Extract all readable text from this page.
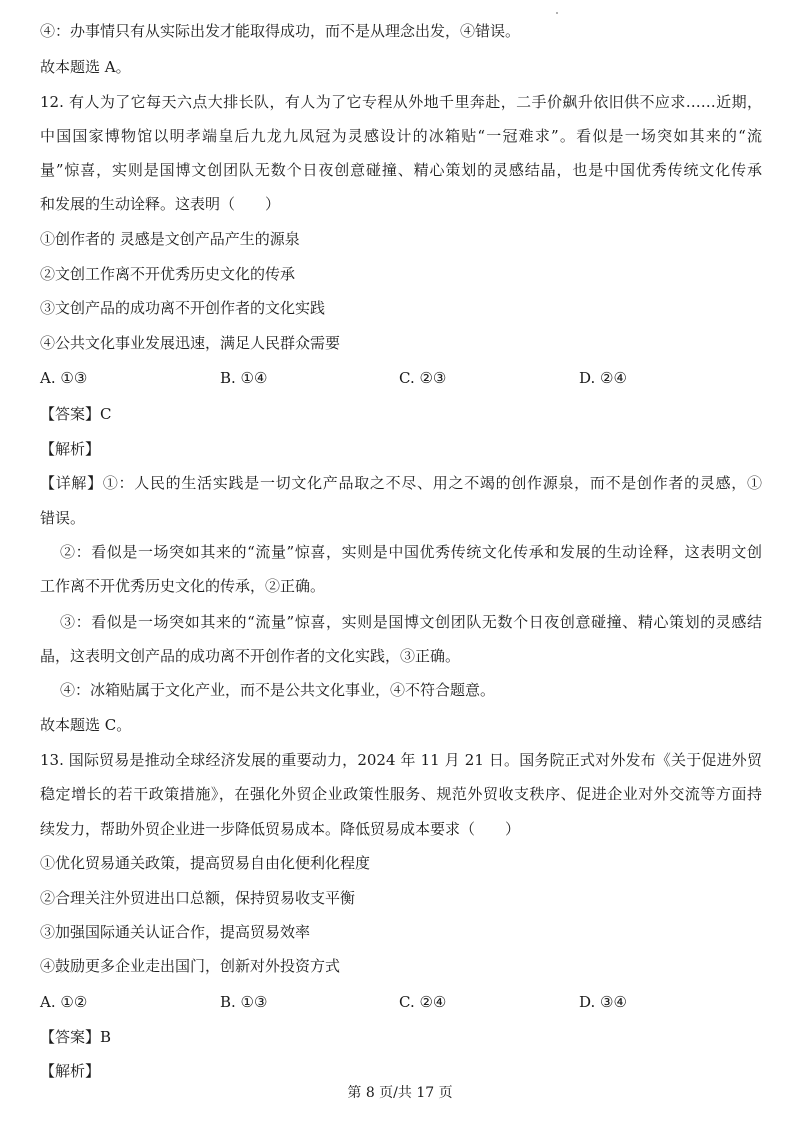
④：办事情只有从实际出发才能取得成功，而不是从理念出发，④错误。
故本题选 A。
12. 有人为了它每天六点大排长队，有人为了它专程从外地千里奔赴，二手价飙升依旧供不应求……近期，
中国国家博物馆以明孝端皇后九龙九凤冠为灵感设计的冰箱贴“一冠难求”。看似是一场突如其来的“流
量”惊喜，实则是国博文创团队无数个日夜创意碰撞、精心策划的灵感结晶，也是中国优秀传统文化传承
和发展的生动诠释。这表明（　　）
①创作者的 灵感是文创产品产生的源泉
②文创工作离不开优秀历史文化的传承
③文创产品的成功离不开创作者的文化实践
④公共文化事业发展迅速，满足人民群众需要
A. ①③	B. ①④	C. ②③	D. ②④
【答案】C
【解析】
【详解】①：人民的生活实践是一切文化产品取之不尽、用之不竭的创作源泉，而不是创作者的灵感，①
错误。
②：看似是一场突如其来的“流量”惊喜，实则是中国优秀传统文化传承和发展的生动诠释，这表明文创
工作离不开优秀历史文化的传承，②正确。
③：看似是一场突如其来的“流量”惊喜，实则是国博文创团队无数个日夜创意碰撞、精心策划的灵感结
晶，这表明文创产品的成功离不开创作者的文化实践，③正确。
④：冰箱贴属于文化产业，而不是公共文化事业，④不符合题意。
故本题选 C。
13. 国际贸易是推动全球经济发展的重要动力，2024 年 11 月 21 日。国务院正式对外发布《关于促进外贸
稳定增长的若干政策措施》，在强化外贸企业政策性服务、规范外贸收支秩序、促进企业对外交流等方面持
续发力，帮助外贸企业进一步降低贸易成本。降低贸易成本要求（　　）
①优化贸易通关政策，提高贸易自由化便利化程度
②合理关注外贸进出口总额，保持贸易收支平衡
③加强国际通关认证合作，提高贸易效率
④鼓励更多企业走出国门，创新对外投资方式
A. ①②	B. ①③	C. ②④	D. ③④
【答案】B
【解析】
第 8 页/共 17 页
